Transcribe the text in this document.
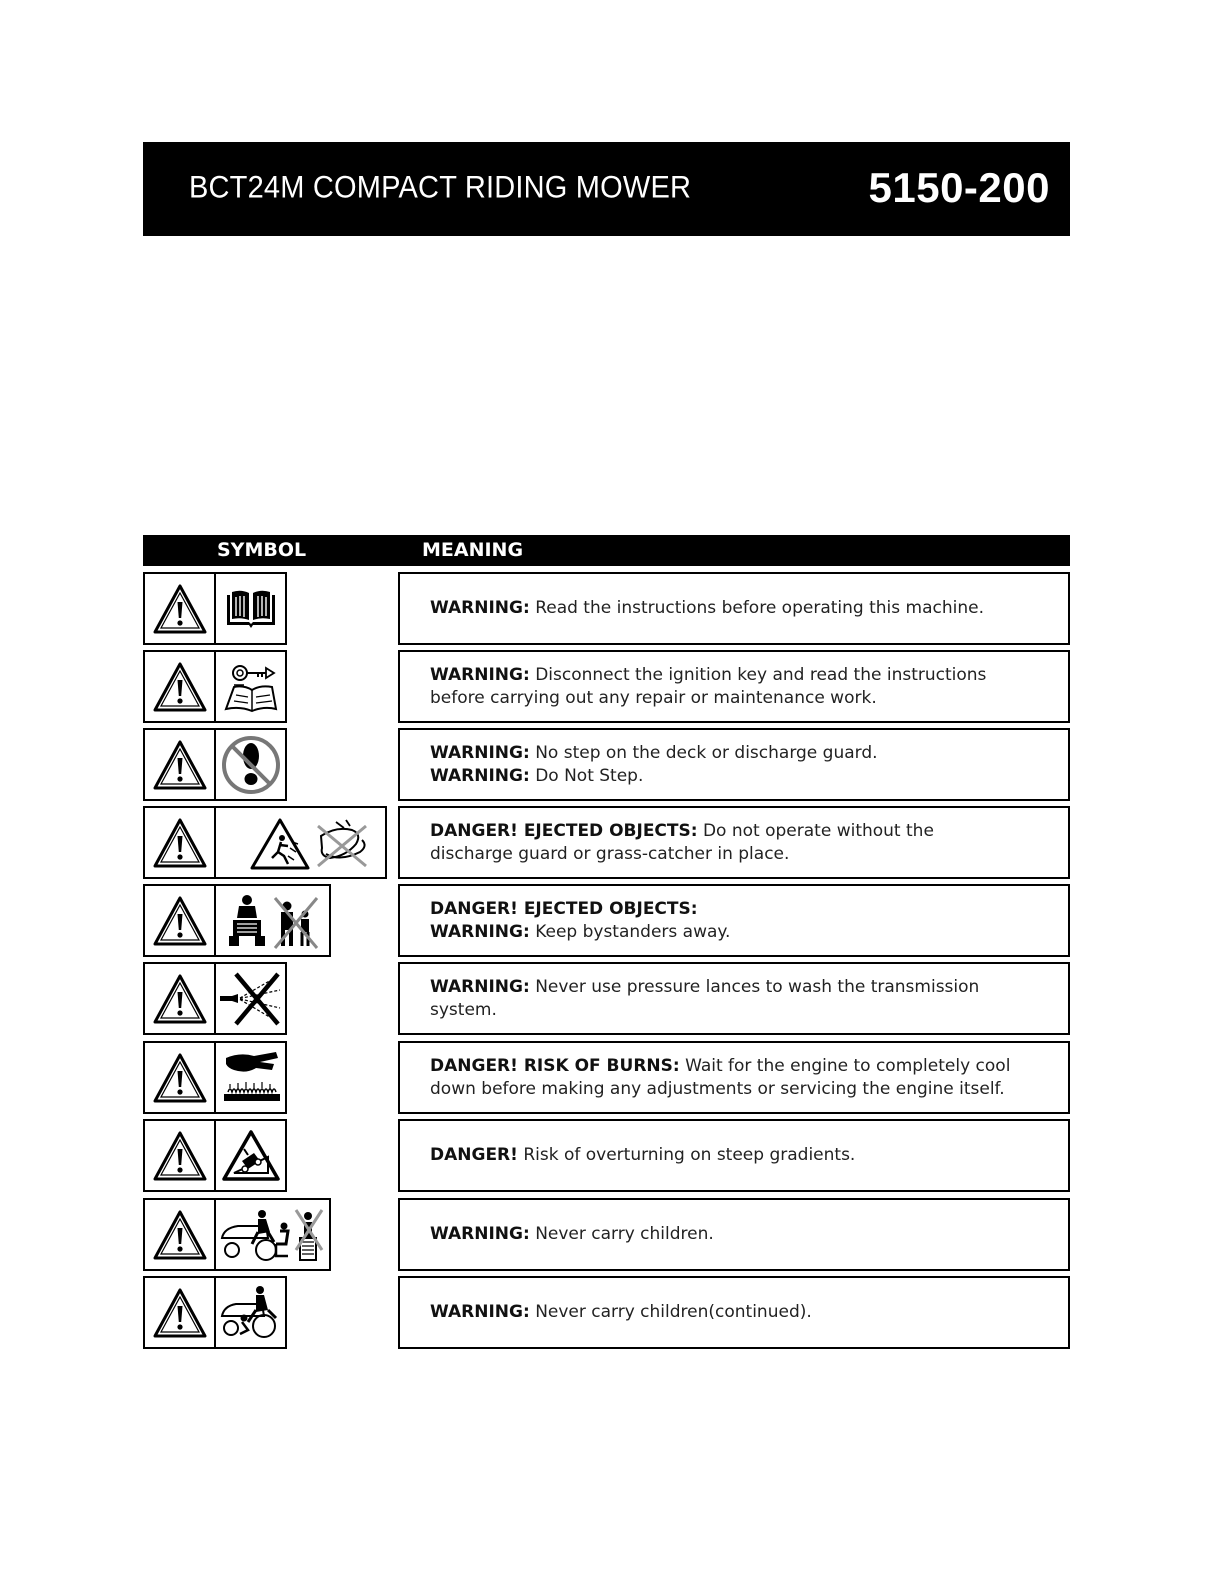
BCT24M COMPACT RIDING MOWER	5150-200
SYMBOL	MEANING
WARNING: Read the instructions before operating this machine.
WARNING: Disconnect the ignition key and read the instructions
before carrying out any repair or maintenance work.
WARNING: No step on the deck or discharge guard.
WARNING: Do Not Step.
DANGER! EJECTED OBJECTS: Do not operate without the
discharge guard or grass-catcher in place.
DANGER! EJECTED OBJECTS:
WARNING: Keep bystanders away.
WARNING: Never use pressure lances to wash the transmission
system.
DANGER! RISK OF BURNS: Wait for the engine to completely cool
down before making any adjustments or servicing the engine itself.
DANGER! Risk of overturning on steep gradients.
WARNING: Never carry children.
WARNING: Never carry children(continued).
